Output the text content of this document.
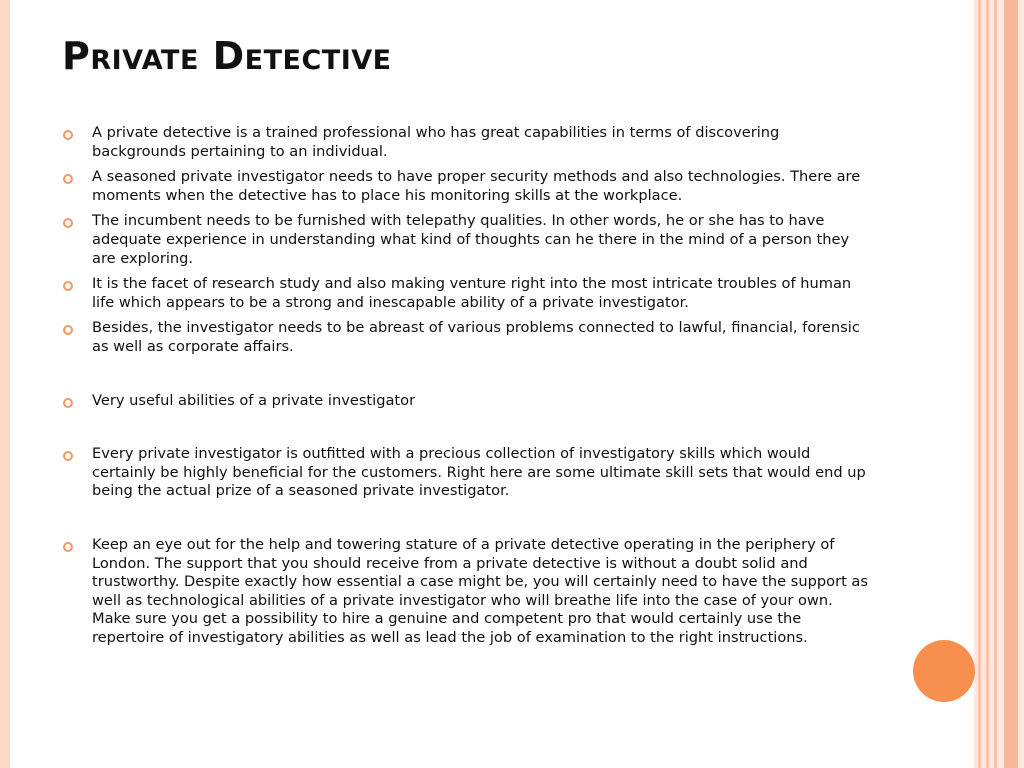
Private Detective
A private detective is a trained professional who has great capabilities in terms of discovering backgrounds pertaining to an individual.
A seasoned private investigator needs to have proper security methods and also technologies. There are moments when the detective has to place his monitoring skills at the workplace.
The incumbent needs to be furnished with telepathy qualities. In other words, he or she has to have adequate experience in understanding what kind of thoughts can he there in the mind of a person they are exploring.
It is the facet of research study and also making venture right into the most intricate troubles of human life which appears to be a strong and inescapable ability of a private investigator.
Besides, the investigator needs to be abreast of various problems connected to lawful, financial, forensic as well as corporate affairs.
Very useful abilities of a private investigator
Every private investigator is outfitted with a precious collection of investigatory skills which would certainly be highly beneficial for the customers. Right here are some ultimate skill sets that would end up being the actual prize of a seasoned private investigator.
Keep an eye out for the help and towering stature of a private detective operating in the periphery of London. The support that you should receive from a private detective is without a doubt solid and trustworthy. Despite exactly how essential a case might be, you will certainly need to have the support as well as technological abilities of a private investigator who will breathe life into the case of your own. Make sure you get a possibility to hire a genuine and competent pro that would certainly use the repertoire of investigatory abilities as well as lead the job of examination to the right instructions.
